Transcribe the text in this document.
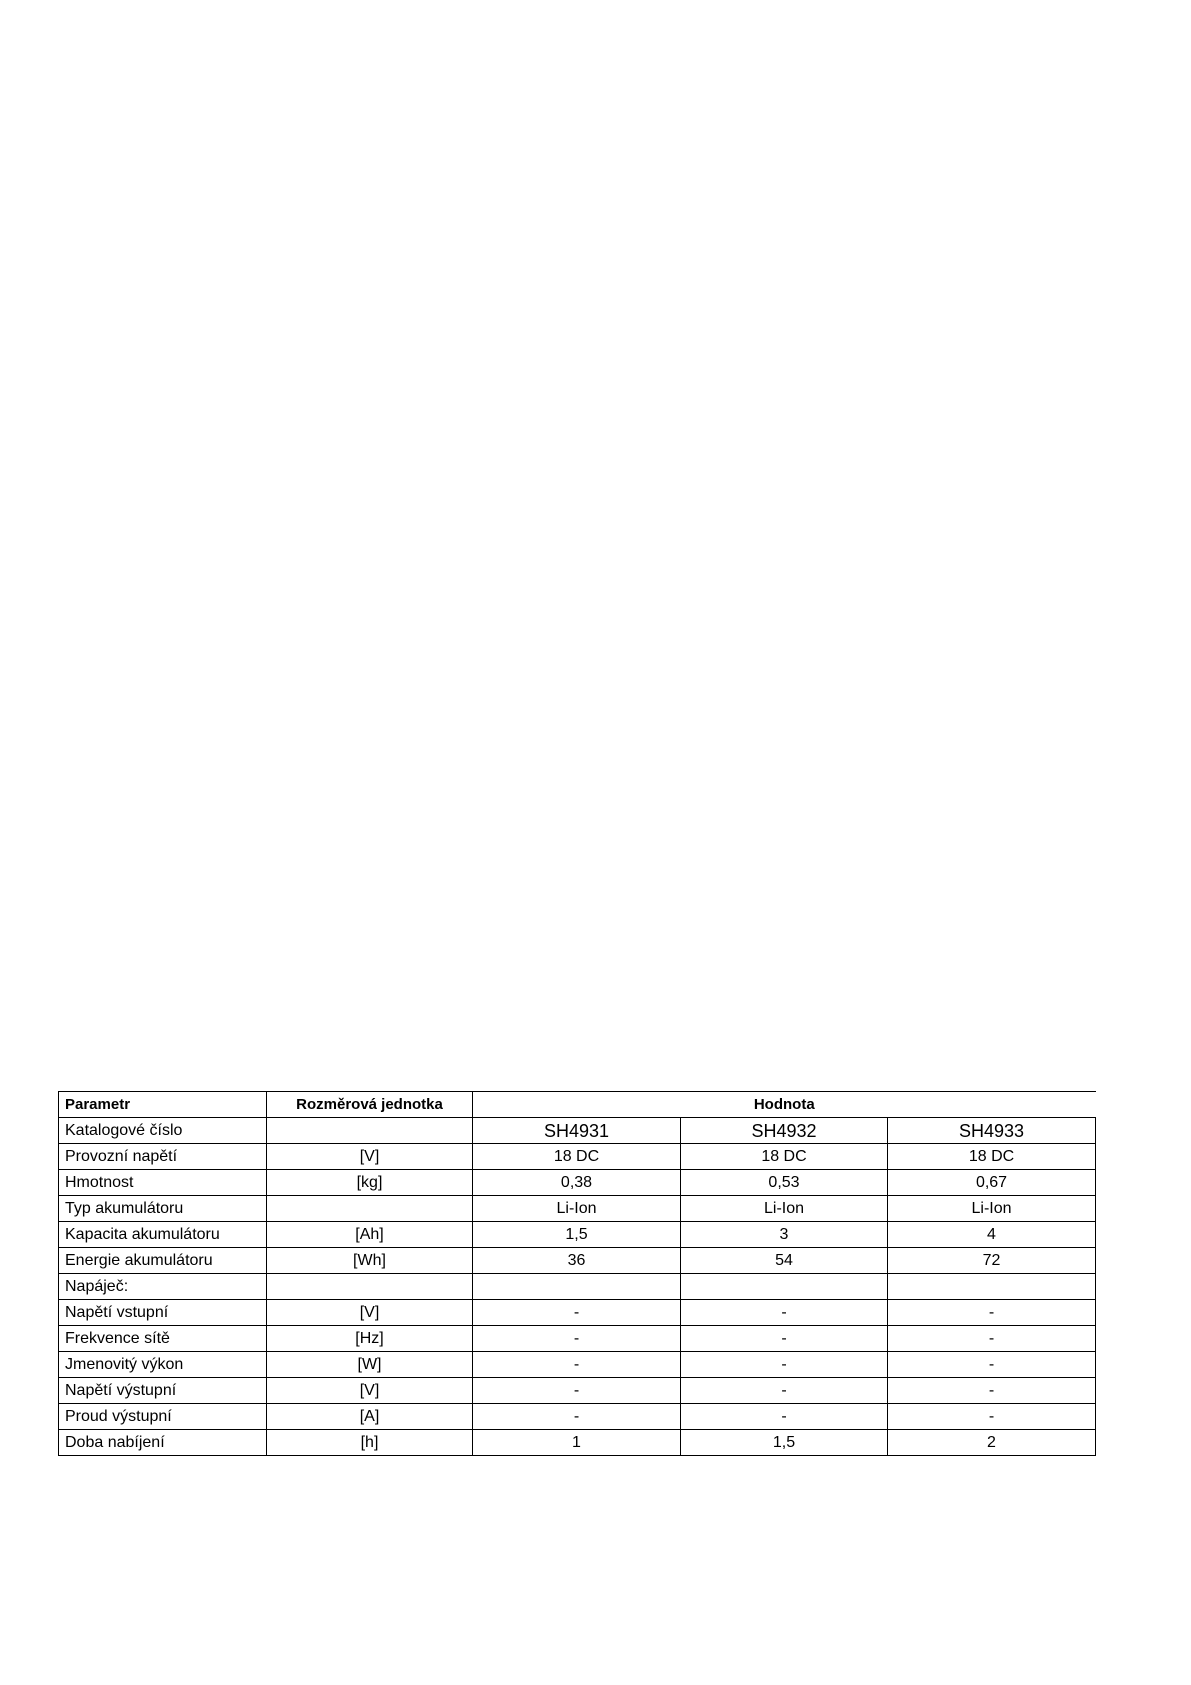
Parametr	Rozměrová jednotka	Hodnota		
Katalogové číslo		SH4931	SH4932	SH4933
Provozní napětí	[V]	18 DC	18 DC	18 DC
Hmotnost	[kg]	0,38	0,53	0,67
Typ akumulátoru		Li-Ion	Li-Ion	Li-Ion
Kapacita akumulátoru	[Ah]	1,5	3	4
Energie akumulátoru	[Wh]	36	54	72
Napáječ:				
Napětí vstupní	[V]	-	-	-
Frekvence sítě	[Hz]	-	-	-
Jmenovitý výkon	[W]	-	-	-
Napětí výstupní	[V]	-	-	-
Proud výstupní	[A]	-	-	-
Doba nabíjení	[h]	1	1,5	2
